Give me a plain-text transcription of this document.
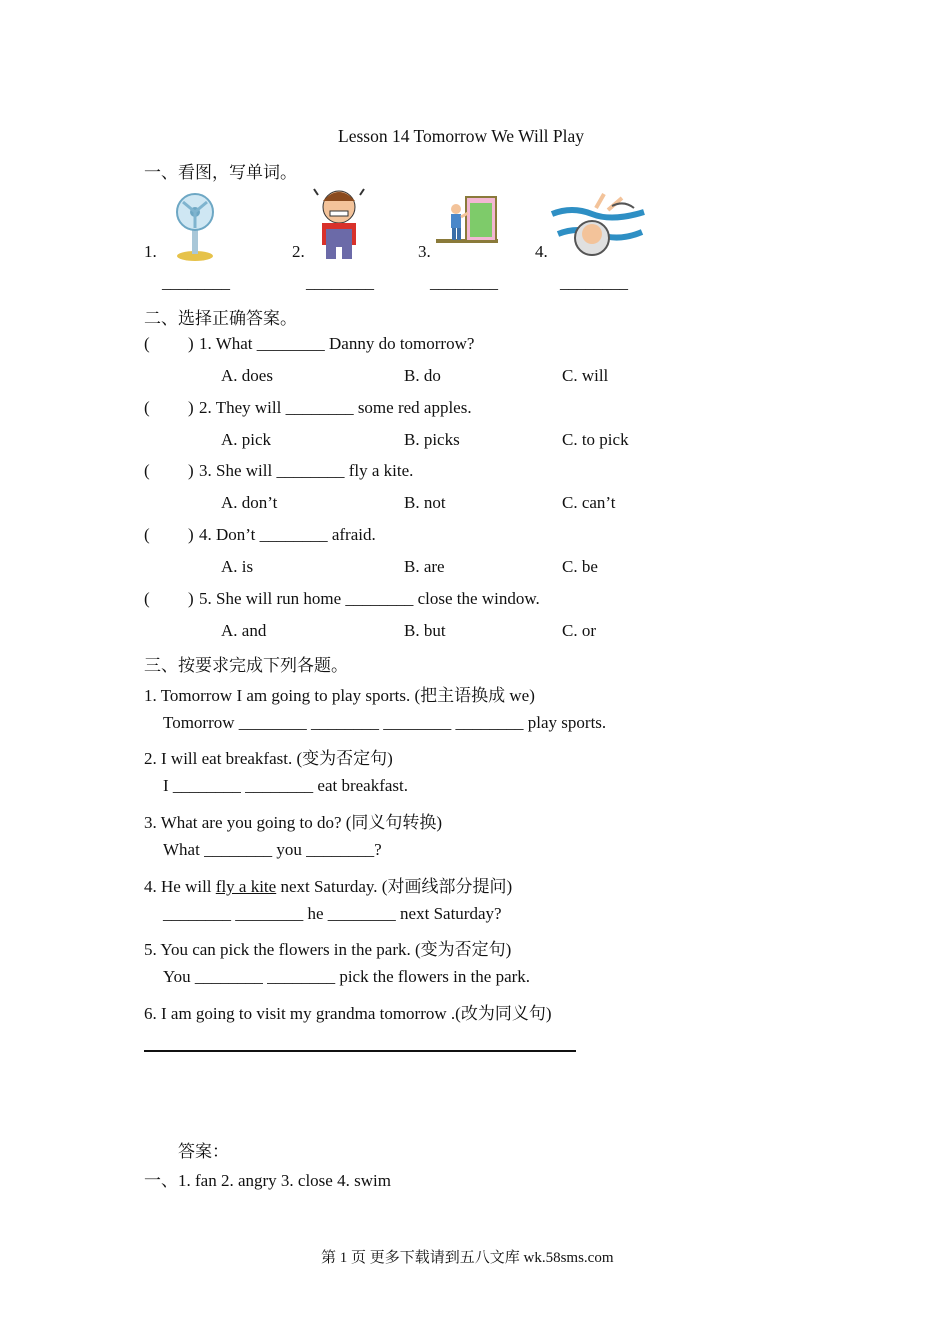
Lesson 14 Tomorrow We Will Play
一、看图，写单词。
1.	2.	3.	4.
________	________	________	________
二、选择正确答案。
( ) 1. What ________ Danny do tomorrow?
A. does	B. do	C. will
( ) 2. They will ________ some red apples.
A. pick	B. picks	C. to pick
( ) 3. She will ________ fly a kite.
A. don’t	B. not	C. can’t
( ) 4. Don’t ________ afraid.
A. is	B. are	C. be
( ) 5. She will run home ________ close the window.
A. and	B. but	C. or
三、按要求完成下列各题。
1. Tomorrow I am going to play sports. (把主语换成 we)
Tomorrow ________ ________ ________ ________ play sports.
2. I will eat breakfast. (变为否定句)
I ________ ________ eat breakfast.
3. What are you going to do? (同义句转换)
What ________ you ________?
4. He will fly a kite next Saturday. (对画线部分提问)
________ ________ he ________ next Saturday?
5. You can pick the flowers in the park. (变为否定句)
You ________ ________ pick the flowers in the park.
6. I am going to visit my grandma tomorrow .(改为同义句)
答案：
一、1. fan 2. angry 3. close 4. swim
第 1 页 更多下载请到五八文库 wk.58sms.com
